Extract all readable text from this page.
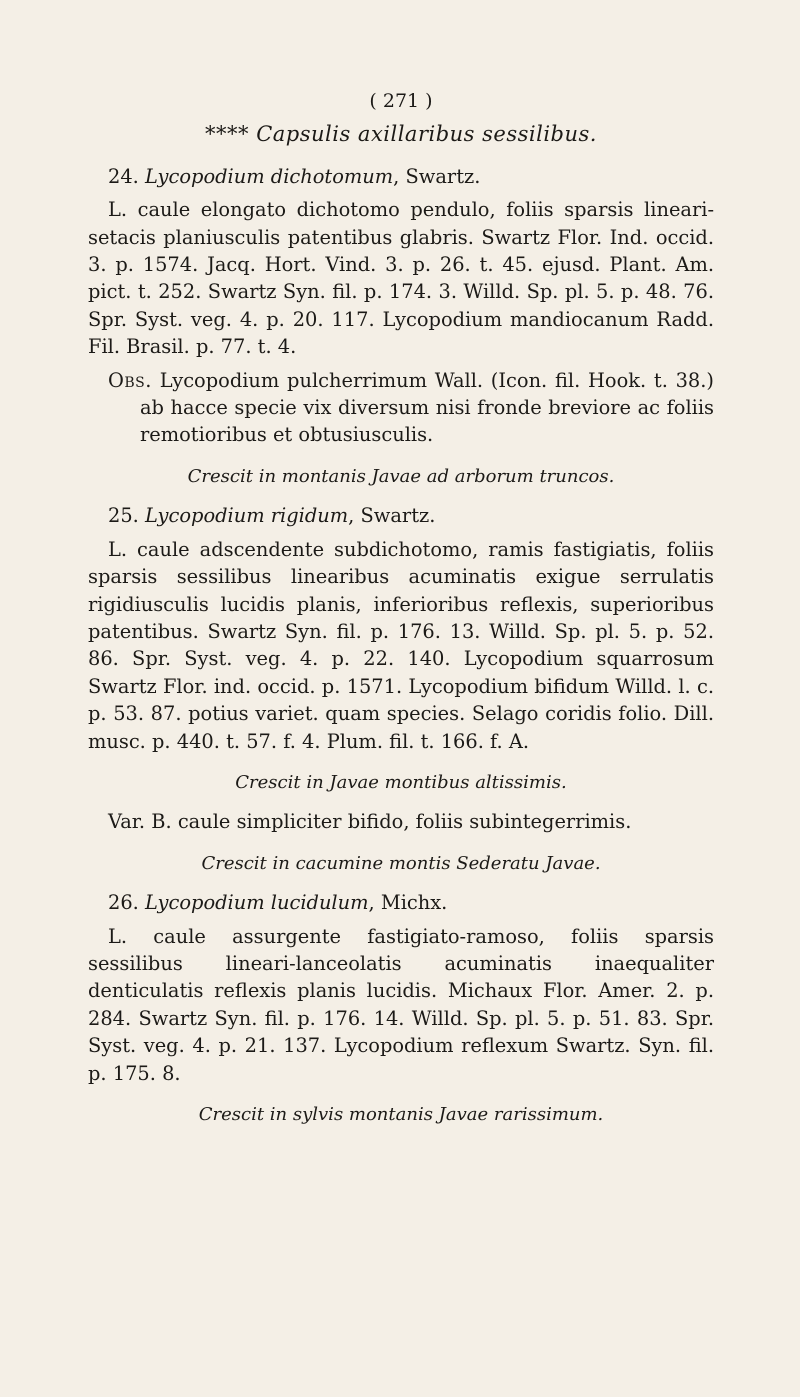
( 271 )
**** Capsulis axillaribus sessilibus.

24. Lycopodium dichotomum, Swartz.

L. caule elongato dichotomo pendulo, foliis sparsis lineari-setacis planiusculis patentibus glabris. Swartz Flor. Ind. occid. 3. p. 1574. Jacq. Hort. Vind. 3. p. 26. t. 45. ejusd. Plant. Am. pict. t. 252. Swartz Syn. fil. p. 174. 3. Willd. Sp. pl. 5. p. 48. 76. Spr. Syst. veg. 4. p. 20. 117. Lycopodium mandiocanum Radd. Fil. Brasil. p. 77. t. 4.

Obs. Lycopodium pulcherrimum Wall. (Icon. fil. Hook. t. 38.) ab hacce specie vix diversum nisi fronde breviore ac foliis remotioribus et obtusiusculis.

Crescit in montanis Javae ad arborum truncos.

25. Lycopodium rigidum, Swartz.

L. caule adscendente subdichotomo, ramis fastigiatis, foliis sparsis sessilibus linearibus acuminatis exigue serrulatis rigidiusculis lucidis planis, inferioribus reflexis, superioribus patentibus. Swartz Syn. fil. p. 176. 13. Willd. Sp. pl. 5. p. 52. 86. Spr. Syst. veg. 4. p. 22. 140. Lycopodium squarrosum Swartz Flor. ind. occid. p. 1571. Lycopodium bifidum Willd. l. c. p. 53. 87. potius variet. quam species. Selago coridis folio. Dill. musc. p. 440. t. 57. f. 4. Plum. fil. t. 166. f. A.

Crescit in Javae montibus altissimis.

Var. B. caule simpliciter bifido, foliis subintegerrimis.

Crescit in cacumine montis Sederatu Javae.

26. Lycopodium lucidulum, Michx.

L. caule assurgente fastigiato-ramoso, foliis sparsis sessilibus lineari-lanceolatis acuminatis inaequaliter denticulatis reflexis planis lucidis. Michaux Flor. Amer. 2. p. 284. Swartz Syn. fil. p. 176. 14. Willd. Sp. pl. 5. p. 51. 83. Spr. Syst. veg. 4. p. 21. 137. Lycopodium reflexum Swartz. Syn. fil. p. 175. 8.

Crescit in sylvis montanis Javae rarissimum.
